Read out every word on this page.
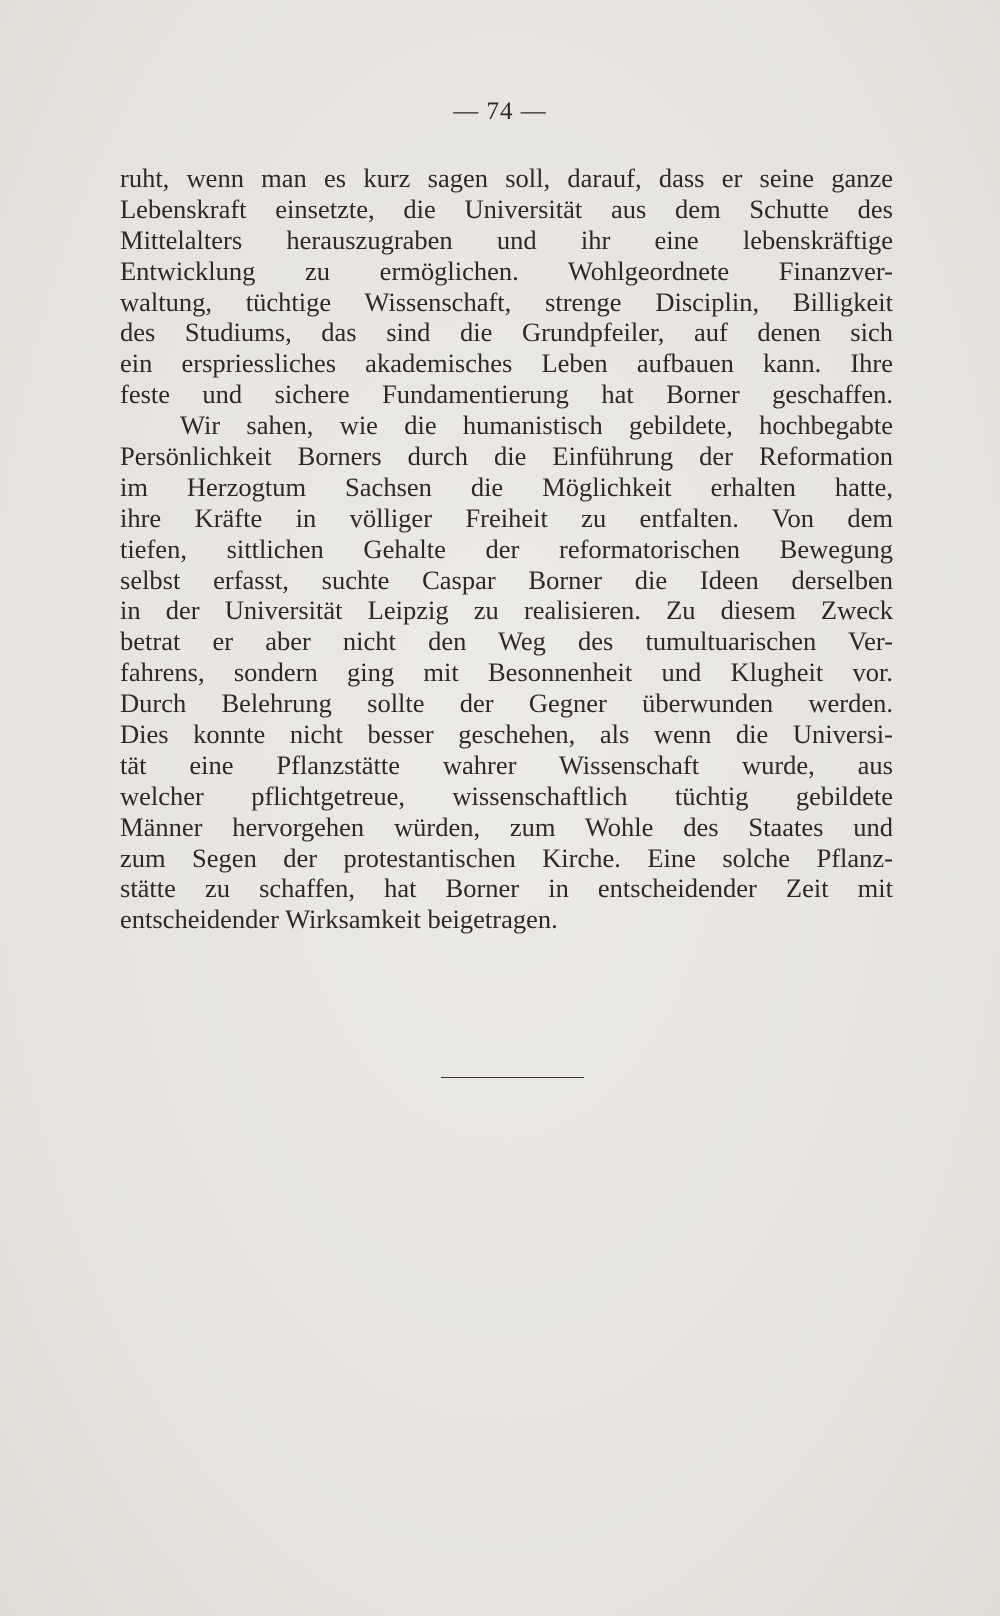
— 74 —
ruht, wenn man es kurz sagen soll, darauf, dass er seine ganze
Lebenskraft einsetzte, die Universität aus dem Schutte des
Mittelalters herauszugraben und ihr eine lebenskräftige
Entwicklung zu ermöglichen. Wohlgeordnete Finanzver-
waltung, tüchtige Wissenschaft, strenge Disciplin, Billigkeit
des Studiums, das sind die Grundpfeiler, auf denen sich
ein erspriessliches akademisches Leben aufbauen kann. Ihre
feste und sichere Fundamentierung hat Borner geschaffen.
Wir sahen, wie die humanistisch gebildete, hochbegabte
Persönlichkeit Borners durch die Einführung der Reformation
im Herzogtum Sachsen die Möglichkeit erhalten hatte,
ihre Kräfte in völliger Freiheit zu entfalten. Von dem
tiefen, sittlichen Gehalte der reformatorischen Bewegung
selbst erfasst, suchte Caspar Borner die Ideen derselben
in der Universität Leipzig zu realisieren. Zu diesem Zweck
betrat er aber nicht den Weg des tumultuarischen Ver-
fahrens, sondern ging mit Besonnenheit und Klugheit vor.
Durch Belehrung sollte der Gegner überwunden werden.
Dies konnte nicht besser geschehen, als wenn die Universi-
tät eine Pflanzstätte wahrer Wissenschaft wurde, aus
welcher pflichtgetreue, wissenschaftlich tüchtig gebildete
Männer hervorgehen würden, zum Wohle des Staates und
zum Segen der protestantischen Kirche. Eine solche Pflanz-
stätte zu schaffen, hat Borner in entscheidender Zeit mit
entscheidender Wirksamkeit beigetragen.
